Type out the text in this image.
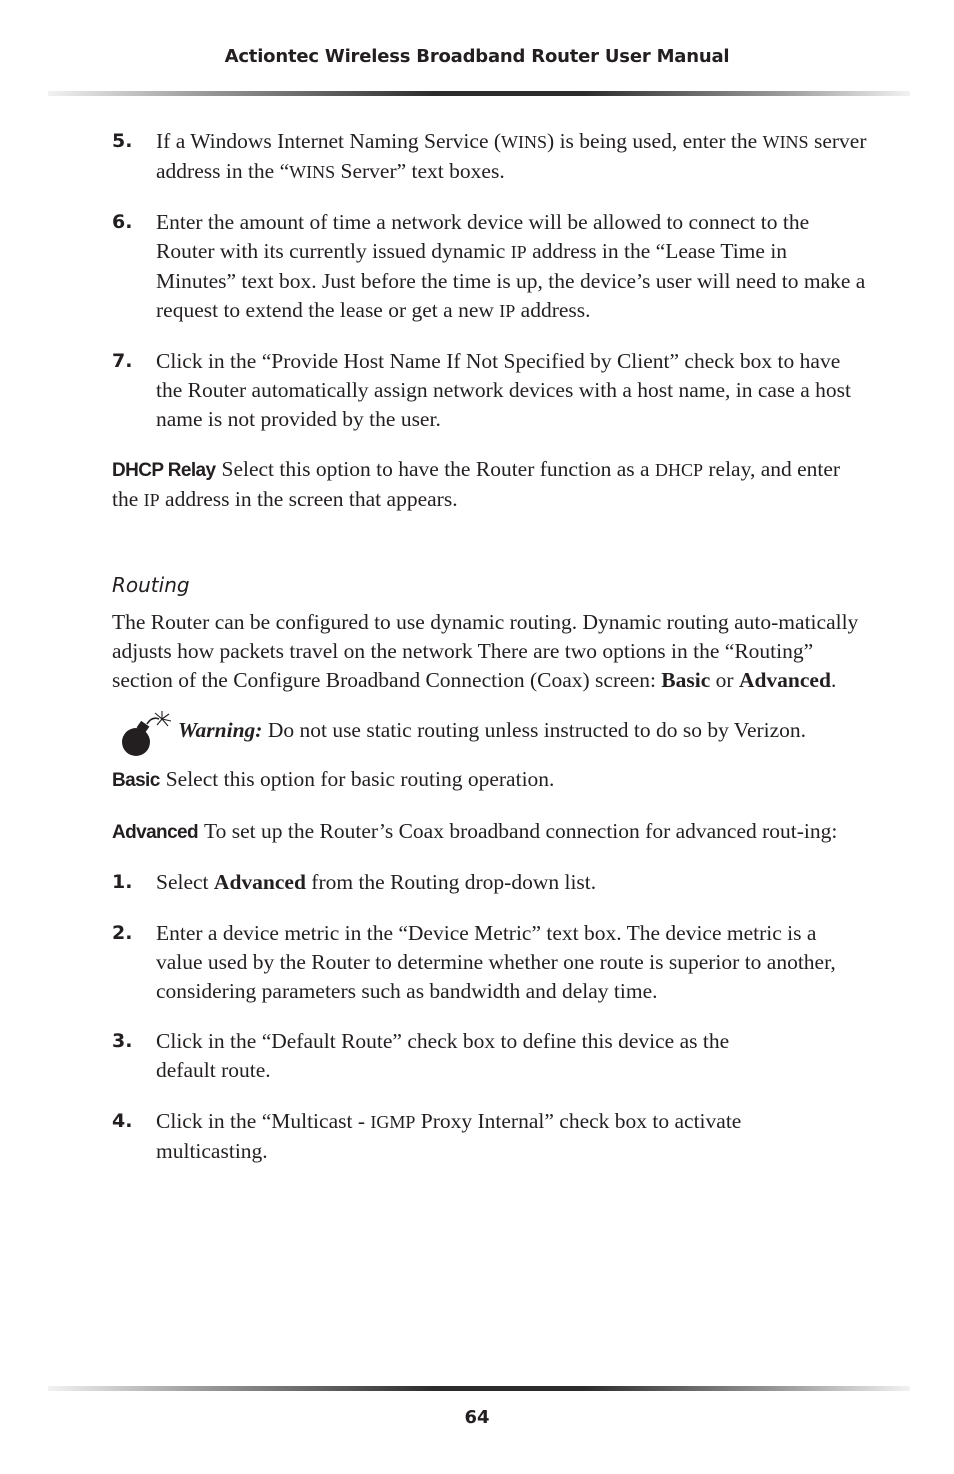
Actiontec Wireless Broadband Router User Manual
5. If a Windows Internet Naming Service (WINS) is being used, enter the WINS server address in the “WINS Server” text boxes.
6. Enter the amount of time a network device will be allowed to connect to the Router with its currently issued dynamic IP address in the “Lease Time in Minutes” text box. Just before the time is up, the device’s user will need to make a request to extend the lease or get a new IP address.
7. Click in the “Provide Host Name If Not Specified by Client” check box to have the Router automatically assign network devices with a host name, in case a host name is not provided by the user.

DHCP Relay Select this option to have the Router function as a DHCP relay, and enter the IP address in the screen that appears.

Routing

The Router can be configured to use dynamic routing. Dynamic routing auto-matically adjusts how packets travel on the network There are two options in the “Routing” section of the Configure Broadband Connection (Coax) screen: Basic or Advanced.

Warning: Do not use static routing unless instructed to do so by Verizon.

Basic Select this option for basic routing operation.

Advanced To set up the Router’s Coax broadband connection for advanced rout-ing:

1. Select Advanced from the Routing drop-down list.
2. Enter a device metric in the “Device Metric” text box. The device metric is a value used by the Router to determine whether one route is superior to another, considering parameters such as bandwidth and delay time.
3. Click in the “Default Route” check box to define this device as the default route.
4. Click in the “Multicast - IGMP Proxy Internal” check box to activate multicasting.
64
